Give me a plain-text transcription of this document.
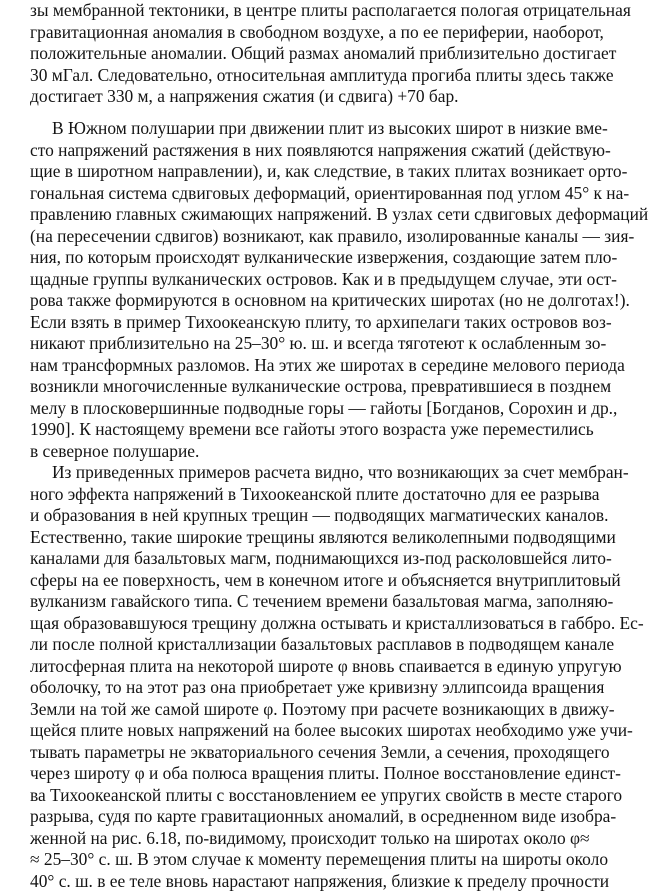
зы мембранной тектоники, в центре плиты располагается пологая отрицательная
гравитационная аномалия в свободном воздухе, а по ее периферии, наоборот,
положительные аномалии. Общий размах аномалий приблизительно достигает
30 мГал. Следовательно, относительная амплитуда прогиба плиты здесь также
достигает 330 м, а напряжения сжатия (и сдвига) +70 бар.
В Южном полушарии при движении плит из высоких широт в низкие вме-
сто напряжений растяжения в них появляются напряжения сжатий (действую-
щие в широтном направлении), и, как следствие, в таких плитах возникает орто-
гональная система сдвиговых деформаций, ориентированная под углом 45° к на-
правлению главных сжимающих напряжений. В узлах сети сдвиговых деформаций
(на пересечении сдвигов) возникают, как правило, изолированные каналы — зия-
ния, по которым происходят вулканические извержения, создающие затем пло-
щадные группы вулканических островов. Как и в предыдущем случае, эти ост-
рова также формируются в основном на критических широтах (но не долготах!).
Если взять в пример Тихоокеанскую плиту, то архипелаги таких островов воз-
никают приблизительно на 25–30° ю. ш. и всегда тяготеют к ослабленным зо-
нам трансформных разломов. На этих же широтах в середине мелового периода
возникли многочисленные вулканические острова, превратившиеся в позднем
мелу в плосковершинные подводные горы — гайоты [Богданов, Сорохин и др.,
1990]. К настоящему времени все гайоты этого возраста уже переместились
в северное полушарие.
Из приведенных примеров расчета видно, что возникающих за счет мембран-
ного эффекта напряжений в Тихоокеанской плите достаточно для ее разрыва
и образования в ней крупных трещин — подводящих магматических каналов.
Естественно, такие широкие трещины являются великолепными подводящими
каналами для базальтовых магм, поднимающихся из-под расколовшейся лито-
сферы на ее поверхность, чем в конечном итоге и объясняется внутриплитовый
вулканизм гавайского типа. С течением времени базальтовая магма, заполняю-
щая образовавшуюся трещину должна остывать и кристаллизоваться в габбро. Ес-
ли после полной кристаллизации базальтовых расплавов в подводящем канале
литосферная плита на некоторой широте φ вновь спаивается в единую упругую
оболочку, то на этот раз она приобретает уже кривизну эллипсоида вращения
Земли на той же самой широте φ. Поэтому при расчете возникающих в движу-
щейся плите новых напряжений на более высоких широтах необходимо уже учи-
тывать параметры не экваториального сечения Земли, а сечения, проходящего
через широту φ и оба полюса вращения плиты. Полное восстановление единст-
ва Тихоокеанской плиты с восстановлением ее упругих свойств в месте старого
разрыва, судя по карте гравитационных аномалий, в осредненном виде изобра-
женной на рис. 6.18, по-видимому, происходит только на широтах около φ≈
≈ 25–30° с. ш. В этом случае к моменту перемещения плиты на широты около
40° с. ш. в ее теле вновь нарастают напряжения, близкие к пределу прочности
